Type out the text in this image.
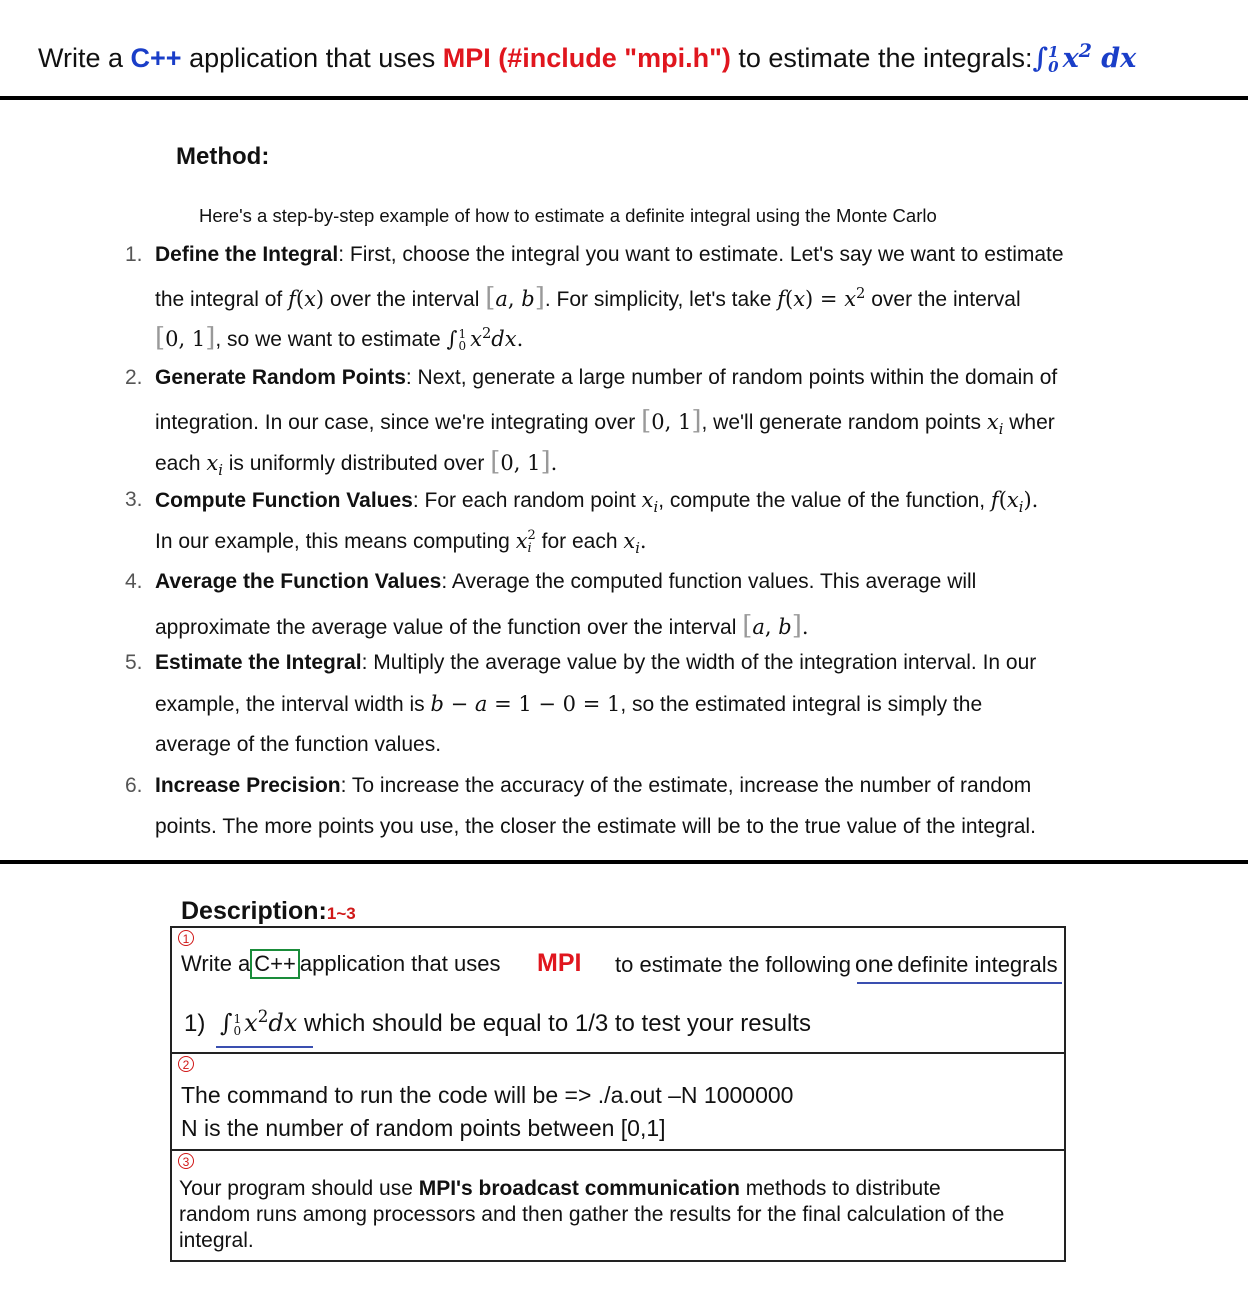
Write a C++ application that uses MPI (#include "mpi.h") to estimate the integrals:∫ 1
0 $x^2$ dx
Method:
Here's a step-by-step example of how to estimate a definite integral using the Monte Carlo
1. Define the Integral: First, choose the integral you want to estimate. Let's say we want to estimate
the integral of f(x) over the interval [a, b]. For simplicity, let's take $f(x) = x^2$ over the interval
[0, 1], so we want to estimate ∫ 1
0 $x^2dx$.
2. Generate Random Points: Next, generate a large number of random points within the domain of
integration. In our case, since we're integrating over [0, 1], we'll generate random points $x_i$ wher
each $x_i$ is uniformly distributed over [0, 1].
3. Compute Function Values: For each random point $x_i$, compute the value of the function, $f(x_i)$.
In our example, this means computing x 2
i for each $x_i$.
4. Average the Function Values: Average the computed function values. This average will
approximate the average value of the function over the interval [a, b].
5. Estimate the Integral: Multiply the average value by the width of the integration interval. In our
example, the interval width is b − a = 1 − 0 = 1, so the estimated integral is simply the
average of the function values.
6. Increase Precision: To increase the accuracy of the estimate, increase the number of random
points. The more points you use, the closer the estimate will be to the true value of the integral.
Description:1~3
1
Write a C++ application that uses MPI to estimate the following one definite integrals
1) ∫ 1
0 $x^2dx$ which should be equal to 1/3 to test your results
2
The command to run the code will be => ./a.out –N 1000000
N is the number of random points between [0,1]
3
Your program should use MPI's broadcast communication methods to distribute
random runs among processors and then gather the results for the final calculation of the
integral.
